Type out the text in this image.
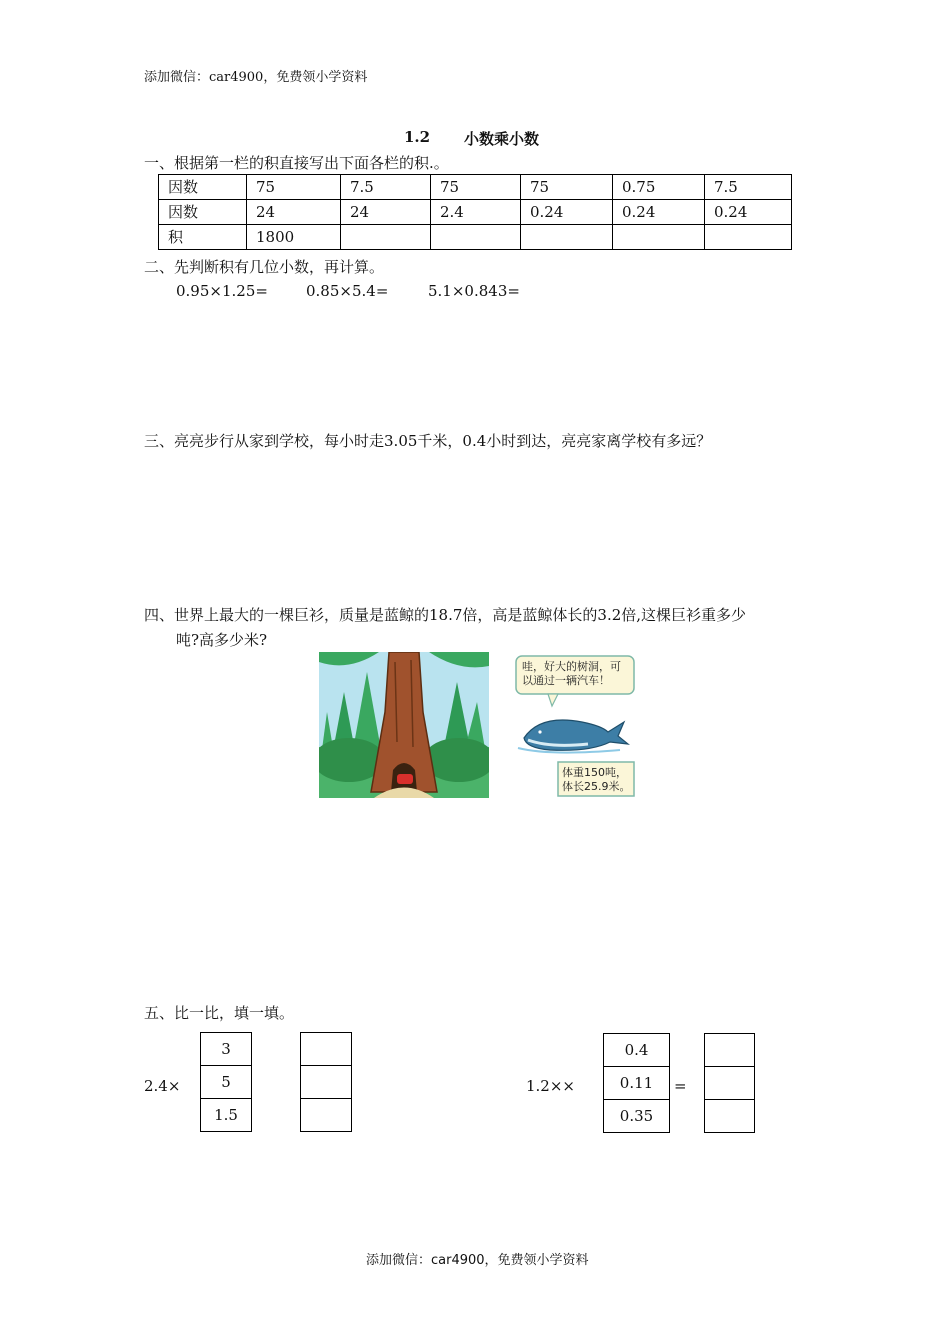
添加微信：car4900，免费领小学资料
1.2 小数乘小数
一、根据第一栏的积直接写出下面各栏的积.。
因数	75	7.5	75	75	0.75	7.5
因数	24	24	2.4	0.24	0.24	0.24
积	1800					
二、先判断积有几位小数，再计算。
0.95×1.25=	0.85×5.4=	5.1×0.843=
三、亮亮步行从家到学校，每小时走3.05千米，0.4小时到达，亮亮家离学校有多远？
四、世界上最大的一棵巨衫，质量是蓝鲸的18.7倍，高是蓝鲸体长的3.2倍,这棵巨衫重多少
吨?高多少米?
哇，好大的树洞，可
以通过一辆汽车！
体重150吨，
体长25.9米。
五、比一比，填一填。
2.4×
3
5
1.5
1.2××
0.4
0.11
0.35
=
添加微信：car4900，免费领小学资料
